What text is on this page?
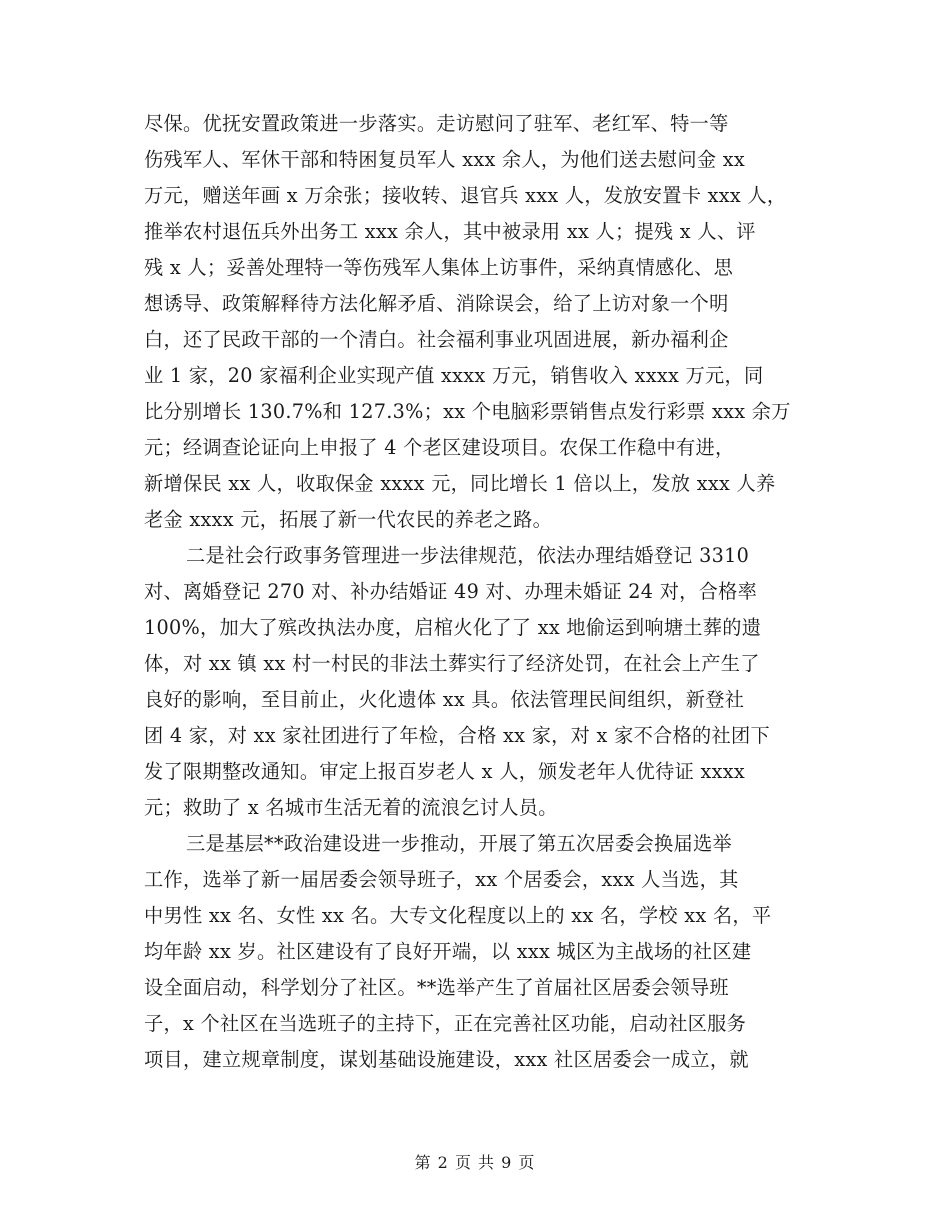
尽保。优抚安置政策进一步落实。走访慰问了驻军、老红军、特一等
伤残军人、军休干部和特困复员军人 xxx 余人，为他们送去慰问金 xx
万元，赠送年画 x 万余张；接收转、退官兵 xxx 人，发放安置卡 xxx 人，
推举农村退伍兵外出务工 xxx 余人，其中被录用 xx 人；提残 x 人、评
残 x 人；妥善处理特一等伤残军人集体上访事件，采纳真情感化、思
想诱导、政策解释待方法化解矛盾、消除误会，给了上访对象一个明
白，还了民政干部的一个清白。社会福利事业巩固进展，新办福利企
业 1 家，20 家福利企业实现产值 xxxx 万元，销售收入 xxxx 万元，同
比分别增长 130.7%和 127.3%；xx 个电脑彩票销售点发行彩票 xxx 余万
元；经调查论证向上申报了 4 个老区建设项目。农保工作稳中有进，
新增保民 xx 人，收取保金 xxxx 元，同比增长 1 倍以上，发放 xxx 人养
老金 xxxx 元，拓展了新一代农民的养老之路。
二是社会行政事务管理进一步法律规范，依法办理结婚登记 3310
对、离婚登记 270 对、补办结婚证 49 对、办理未婚证 24 对，合格率
100%，加大了殡改执法办度，启棺火化了了 xx 地偷运到响塘土葬的遗
体，对 xx 镇 xx 村一村民的非法土葬实行了经济处罚，在社会上产生了
良好的影响，至目前止，火化遗体 xx 具。依法管理民间组织，新登社
团 4 家，对 xx 家社团进行了年检，合格 xx 家，对 x 家不合格的社团下
发了限期整改通知。审定上报百岁老人 x 人，颁发老年人优待证 xxxx
元；救助了 x 名城市生活无着的流浪乞讨人员。
三是基层**政治建设进一步推动，开展了第五次居委会换届选举
工作，选举了新一届居委会领导班子，xx 个居委会，xxx 人当选，其
中男性 xx 名、女性 xx 名。大专文化程度以上的 xx 名，学校 xx 名，平
均年龄 xx 岁。社区建设有了良好开端，以 xxx 城区为主战场的社区建
设全面启动，科学划分了社区。**选举产生了首届社区居委会领导班
子，x 个社区在当选班子的主持下，正在完善社区功能，启动社区服务
项目，建立规章制度，谋划基础设施建设，xxx 社区居委会一成立，就
第 2 页 共 9 页
